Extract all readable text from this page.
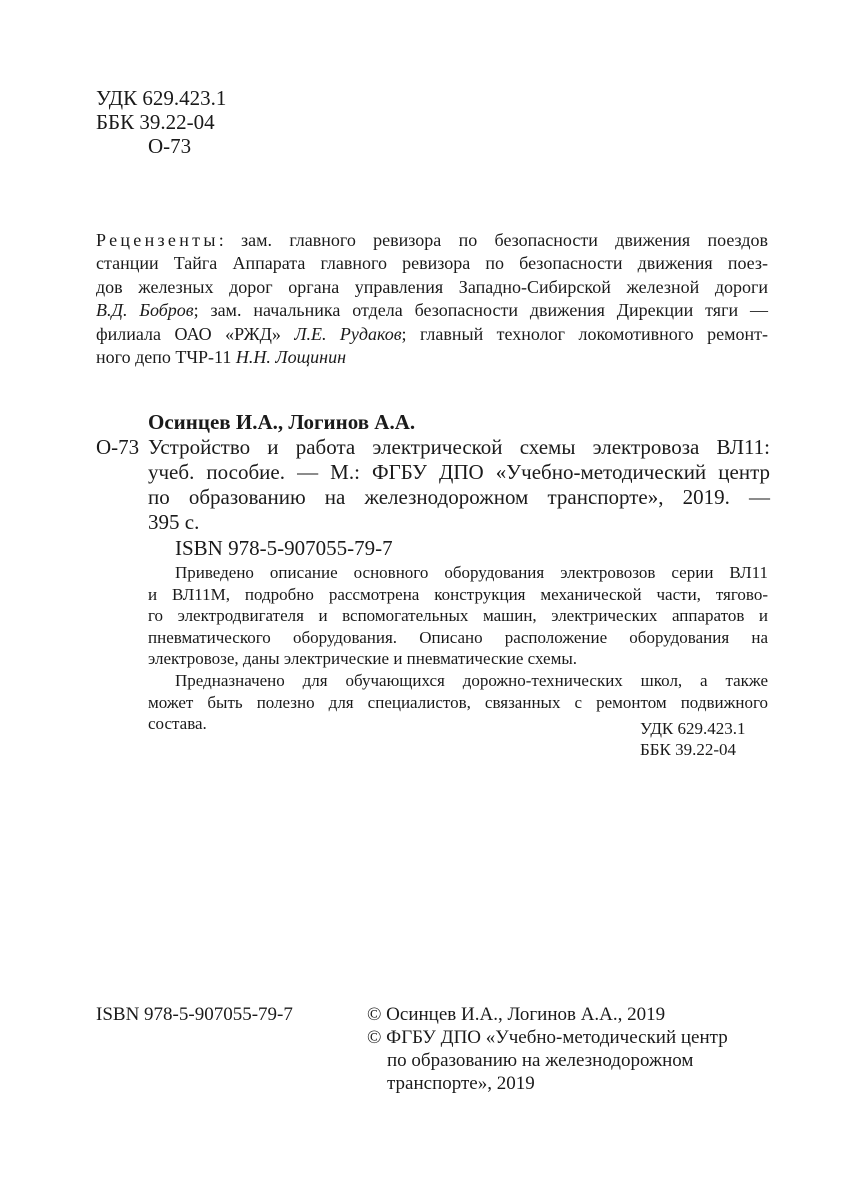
УДК 629.423.1
ББК 39.22-04
О-73
Рецензенты: зам. главного ревизора по безопасности движения поездов
станции Тайга Аппарата главного ревизора по безопасности движения поез-
дов железных дорог органа управления Западно-Сибирской железной дороги
В.Д. Бобров; зам. начальника отдела безопасности движения Дирекции тяги —
филиала ОАО «РЖД» Л.Е. Рудаков; главный технолог локомотивного ремонт-
ного депо ТЧР-11 Н.Н. Лощинин
Осинцев И.А., Логинов А.А.
О-73 Устройство и работа электрической схемы электровоза ВЛ11:
учеб. пособие. — М.: ФГБУ ДПО «Учебно-методический центр
по образованию на железнодорожном транспорте», 2019. —
395 с.
ISBN 978-5-907055-79-7
Приведено описание основного оборудования электровозов серии ВЛ11
и ВЛ11М, подробно рассмотрена конструкция механической части, тягово-
го электродвигателя и вспомогательных машин, электрических аппаратов и
пневматического оборудования. Описано расположение оборудования на
электровозе, даны электрические и пневматические схемы.
Предназначено для обучающихся дорожно-технических школ, а также
может быть полезно для специалистов, связанных с ремонтом подвижного
состава.	УДК 629.423.1
ББК 39.22-04
ISBN 978-5-907055-79-7	© Осинцев И.А., Логинов А.А., 2019
© ФГБУ ДПО «Учебно-методический центр
по образованию на железнодорожном
транспорте», 2019
